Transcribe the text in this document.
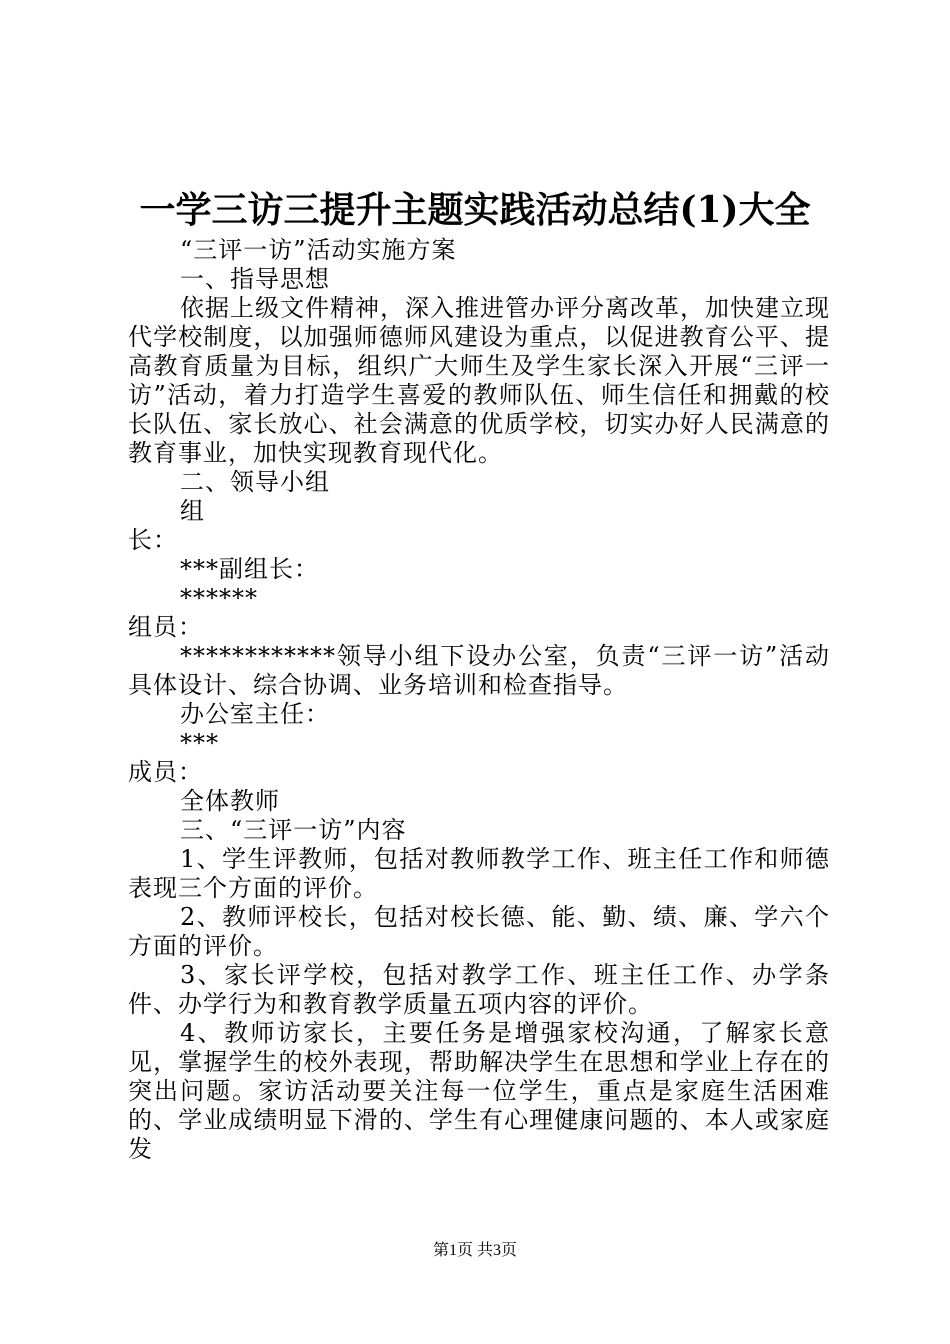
一学三访三提升主题实践活动总结(1)大全

“三评一访”活动实施方案

一、指导思想

依据上级文件精神，深入推进管办评分离改革，加快建立现代学校制度，以加强师德师风建设为重点，以促进教育公平、提高教育质量为目标，组织广大师生及学生家长深入开展“三评一访”活动，着力打造学生喜爱的教师队伍、师生信任和拥戴的校长队伍、家长放心、社会满意的优质学校，切实办好人民满意的教育事业，加快实现教育现代化。

二、领导小组

组长：

***副组长：

******组员：

************领导小组下设办公室，负责“三评一访”活动具体设计、综合协调、业务培训和检查指导。

办公室主任：

***成员：

全体教师

三、“三评一访”内容

1、学生评教师，包括对教师教学工作、班主任工作和师德表现三个方面的评价。

2、教师评校长，包括对校长德、能、勤、绩、廉、学六个方面的评价。

3、家长评学校，包括对教学工作、班主任工作、办学条件、办学行为和教育教学质量五项内容的评价。

4、教师访家长，主要任务是增强家校沟通，了解家长意见，掌握学生的校外表现，帮助解决学生在思想和学业上存在的突出问题。家访活动要关注每一位学生，重点是家庭生活困难的、学业成绩明显下滑的、学生有心理健康问题的、本人或家庭发

第1页 共3页
